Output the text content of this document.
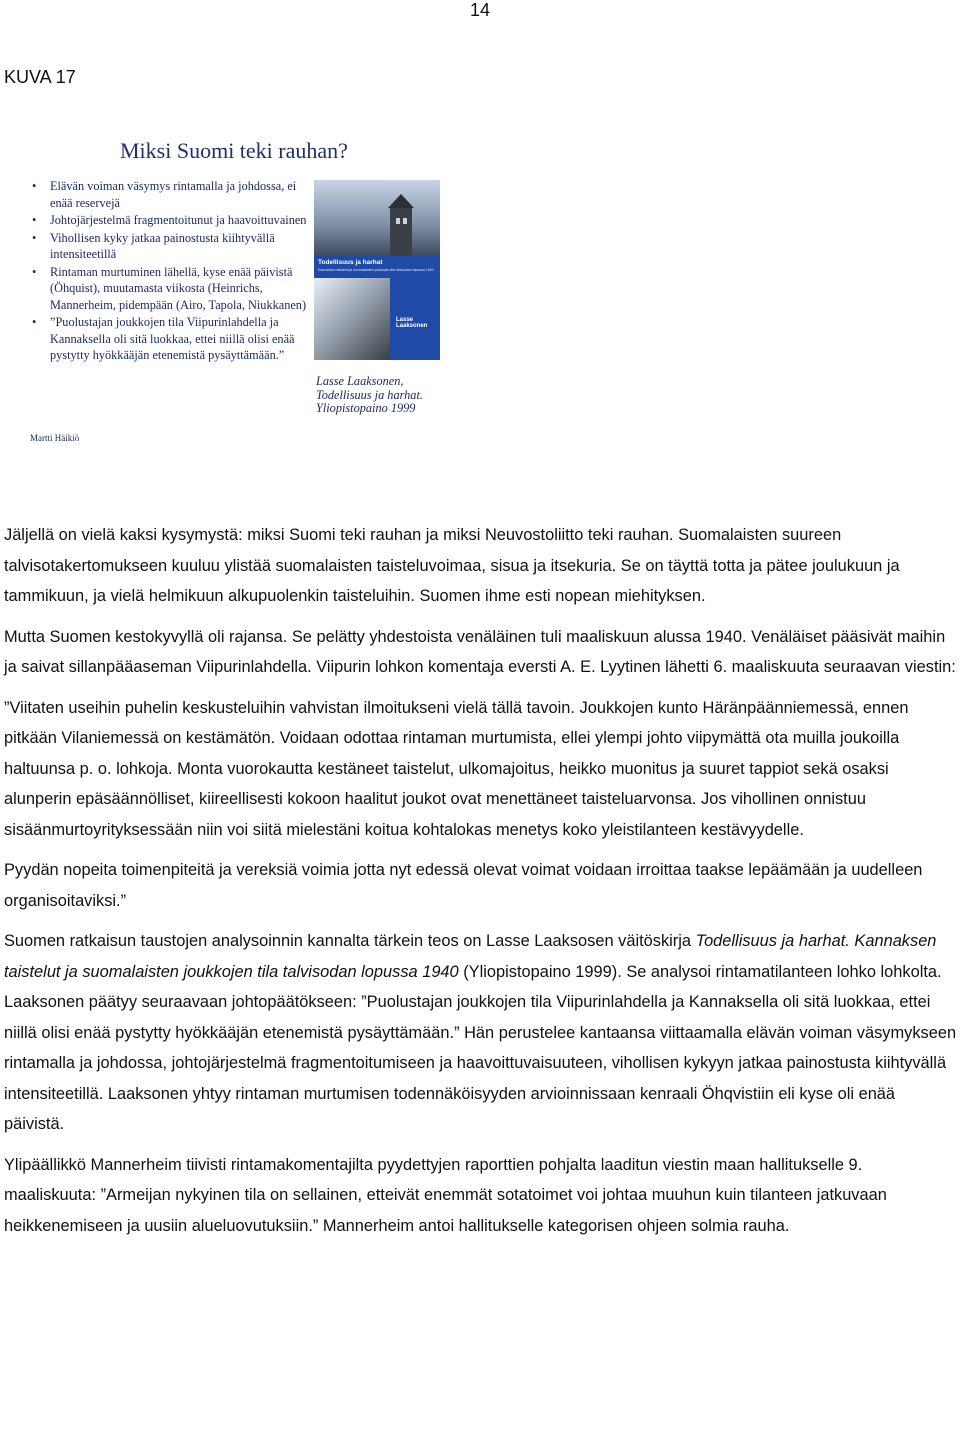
14
KUVA 17
Miksi Suomi teki rauhan?
• Elävän voiman väsymys rintamalla ja johdossa, ei enää reservejä
• Johtojärjestelmä fragmentoitunut ja haavoittuvainen
• Vihollisen kyky jatkaa painostusta kiihtyvällä intensiteetillä
• Rintaman murtuminen lähellä, kyse enää päivistä (Öhquist), muutamasta viikosta (Heinrichs, Mannerheim, pidempään (Airo, Tapola, Niukkanen)
• ”Puolustajan joukkojen tila Viipurinlahdella ja Kannaksella oli sitä luokkaa, ettei niillä olisi enää pystytty hyökkääjän etenemistä pysäyttämään.”
Martti Häikiö
Todellisuus ja harhat
Kannaksen taistelut ja suomalaisten joukkojen tila talvisodan lopussa 1940
Lasse Laaksonen
Lasse Laaksonen,
Todellisuus ja harhat.
Yliopistopaino 1999

Jäljellä on vielä kaksi kysymystä: miksi Suomi teki rauhan ja miksi Neuvostoliitto teki rauhan. Suomalaisten suureen talvisotakertomukseen kuuluu ylistää suomalaisten taisteluvoimaa, sisua ja itsekuria. Se on täyttä totta ja pätee joulukuun ja tammikuun, ja vielä helmikuun alkupuolenkin taisteluihin. Suomen ihme esti nopean miehityksen.

Mutta Suomen kestokyvyllä oli rajansa. Se pelätty yhdestoista venäläinen tuli maaliskuun alussa 1940. Venäläiset pääsivät maihin ja saivat sillanpääaseman Viipurinlahdella. Viipurin lohkon komentaja eversti A. E. Lyytinen lähetti 6. maaliskuuta seuraavan viestin:

”Viitaten useihin puhelin keskusteluihin vahvistan ilmoitukseni vielä tällä tavoin. Joukkojen kunto Häränpäänniemessä, ennen pitkään Vilaniemessä on kestämätön. Voidaan odottaa rintaman murtumista, ellei ylempi johto viipymättä ota muilla joukoilla haltuunsa p. o. lohkoja. Monta vuorokautta kestäneet taistelut, ulkomajoitus, heikko muonitus ja suuret tappiot sekä osaksi alunperin epäsäännölliset, kiireellisesti kokoon haalitut joukot ovat menettäneet taisteluarvonsa. Jos vihollinen onnistuu sisäänmurtoyrityksessään niin voi siitä mielestäni koitua kohtalokas menetys koko yleistilanteen kestävyydelle.

Pyydän nopeita toimenpiteitä ja vereksiä voimia jotta nyt edessä olevat voimat voidaan irroittaa taakse lepäämään ja uudelleen organisoitaviksi.”

Suomen ratkaisun taustojen analysoinnin kannalta tärkein teos on Lasse Laaksosen väitöskirja Todellisuus ja harhat. Kannaksen taistelut ja suomalaisten joukkojen tila talvisodan lopussa 1940 (Yliopistopaino 1999). Se analysoi rintamatilanteen lohko lohkolta. Laaksonen päätyy seuraavaan johtopäätökseen: ”Puolustajan joukkojen tila Viipurinlahdella ja Kannaksella oli sitä luokkaa, ettei niillä olisi enää pystytty hyökkääjän etenemistä pysäyttämään.” Hän perustelee kantaansa viittaamalla elävän voiman väsymykseen rintamalla ja johdossa, johtojärjestelmä fragmentoitumiseen ja haavoittuvaisuuteen, vihollisen kykyyn jatkaa painostusta kiihtyvällä intensiteetillä. Laaksonen yhtyy rintaman murtumisen todennäköisyyden arvioinnissaan kenraali Öhqvistiin eli kyse oli enää päivistä.

Ylipäällikkö Mannerheim tiivisti rintamakomentajilta pyydettyjen raporttien pohjalta laaditun viestin maan hallitukselle 9. maaliskuuta: ”Armeijan nykyinen tila on sellainen, etteivät enemmät sotatoimet voi johtaa muuhun kuin tilanteen jatkuvaan heikkenemiseen ja uusiin alueluovutuksiin.” Mannerheim antoi hallitukselle kategorisen ohjeen solmia rauha.
